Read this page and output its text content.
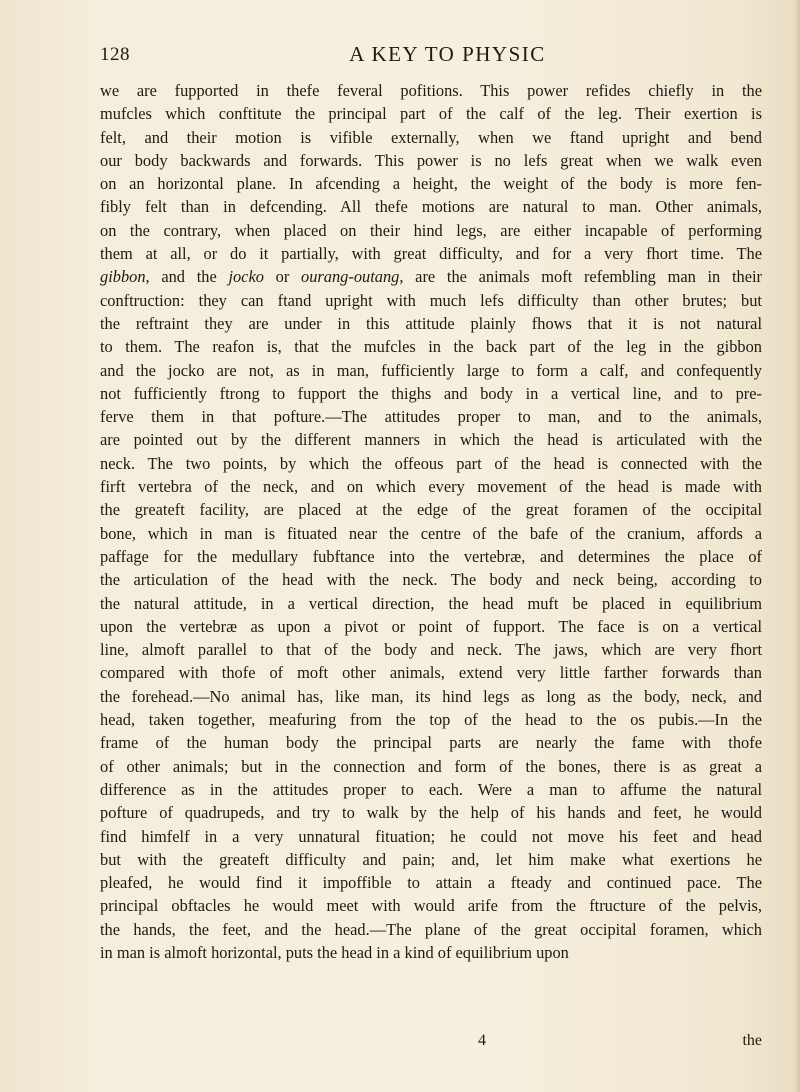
128	A KEY TO PHYSIC
we are fupported in thefe feveral pofitions. This power refides chiefly in the
mufcles which conftitute the principal part of the calf of the leg. Their exertion is
felt, and their motion is vifible externally, when we ftand upright and bend
our body backwards and forwards. This power is no lefs great when we walk even
on an horizontal plane. In afcending a height, the weight of the body is more fen-
fibly felt than in defcending. All thefe motions are natural to man. Other animals,
on the contrary, when placed on their hind legs, are either incapable of performing
them at all, or do it partially, with great difficulty, and for a very fhort time. The
gibbon, and the jocko or ourang-outang, are the animals moft refembling man in their
conftruction: they can ftand upright with much lefs difficulty than other brutes; but
the reftraint they are under in this attitude plainly fhows that it is not natural
to them. The reafon is, that the mufcles in the back part of the leg in the gibbon
and the jocko are not, as in man, fufficiently large to form a calf, and confequently
not fufficiently ftrong to fupport the thighs and body in a vertical line, and to pre-
ferve them in that pofture.—The attitudes proper to man, and to the animals,
are pointed out by the different manners in which the head is articulated with the
neck. The two points, by which the offeous part of the head is connected with the
firft vertebra of the neck, and on which every movement of the head is made with
the greateft facility, are placed at the edge of the great foramen of the occipital
bone, which in man is fituated near the centre of the bafe of the cranium, affords a
paffage for the medullary fubftance into the vertebræ, and determines the place of
the articulation of the head with the neck. The body and neck being, according to
the natural attitude, in a vertical direction, the head muft be placed in equilibrium
upon the vertebræ as upon a pivot or point of fupport. The face is on a vertical
line, almoft parallel to that of the body and neck. The jaws, which are very fhort
compared with thofe of moft other animals, extend very little farther forwards than
the forehead.—No animal has, like man, its hind legs as long as the body, neck, and
head, taken together, meafuring from the top of the head to the os pubis.—In the
frame of the human body the principal parts are nearly the fame with thofe
of other animals; but in the connection and form of the bones, there is as great a
difference as in the attitudes proper to each. Were a man to affume the natural
pofture of quadrupeds, and try to walk by the help of his hands and feet, he would
find himfelf in a very unnatural fituation; he could not move his feet and head
but with the greateft difficulty and pain; and, let him make what exertions he
pleafed, he would find it impoffible to attain a fteady and continued pace. The
principal obftacles he would meet with would arife from the ftructure of the pelvis,
the hands, the feet, and the head.—The plane of the great occipital foramen, which
in man is almoft horizontal, puts the head in a kind of equilibrium upon
4	the
